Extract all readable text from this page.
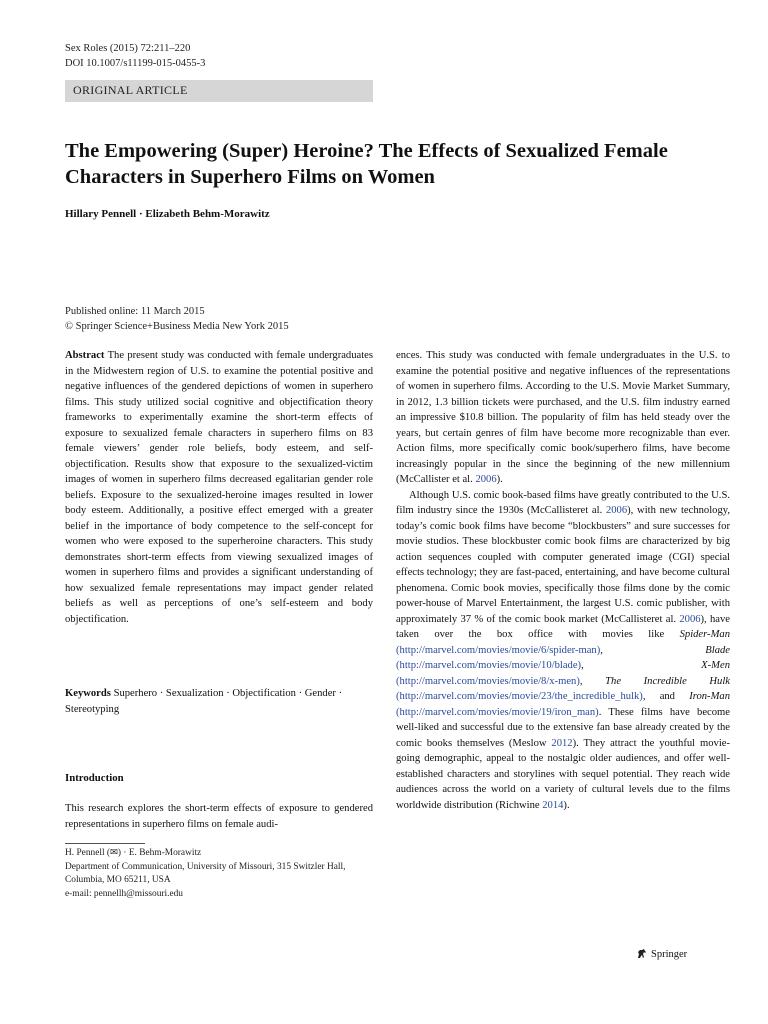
Sex Roles (2015) 72:211–220
DOI 10.1007/s11199-015-0455-3
ORIGINAL ARTICLE
The Empowering (Super) Heroine? The Effects of Sexualized Female Characters in Superhero Films on Women
Hillary Pennell · Elizabeth Behm-Morawitz
Published online: 11 March 2015
© Springer Science+Business Media New York 2015

Abstract The present study was conducted with female undergraduates in the Midwestern region of U.S. to examine the potential positive and negative influences of the gendered depictions of women in superhero films. This study utilized social cognitive and objectification theory frameworks to experimentally examine the short-term effects of exposure to sexualized female characters in superhero films on 83 female viewers’ gender role beliefs, body esteem, and self-objectification. Results show that exposure to the sexualized-victim images of women in superhero films decreased egalitarian gender role beliefs. Exposure to the sexualized-heroine images resulted in lower body esteem. Additionally, a positive effect emerged with a greater belief in the importance of body competence to the self-concept for women who were exposed to the superheroine characters. This study demonstrates short-term effects from viewing sexualized images of women in superhero films and provides a significant understanding of how sexualized female representations may impact gender related beliefs as well as perceptions of one’s self-esteem and body objectification.

Keywords Superhero · Sexualization · Objectification · Gender · Stereotyping
Introduction
This research explores the short-term effects of exposure to gendered representations in superhero films on female audi-
H. Pennell (✉) · E. Behm-Morawitz
Department of Communication, University of Missouri, 315 Switzler Hall, Columbia, MO 65211, USA
e-mail: pennellh@missouri.edu

ences. This study was conducted with female undergraduates in the U.S. to examine the potential positive and negative influences of the representations of women in superhero films. According to the U.S. Movie Market Summary, in 2012, 1.3 billion tickets were purchased, and the U.S. film industry earned an impressive $10.8 billion. The popularity of film has held steady over the years, but certain genres of film have become more recognizable than ever. Action films, more specifically comic book/superhero films, have become increasingly popular in the since the beginning of the new millennium (McCallister et al. 2006).

Although U.S. comic book-based films have greatly contributed to the U.S. film industry since the 1930s (McCallisteret al. 2006), with new technology, today’s comic book films have become “blockbusters” and sure successes for movie studios. These blockbuster comic book films are characterized by big action sequences coupled with computer generated image (CGI) special effects technology; they are fast-paced, entertaining, and have become cultural phenomena. Comic book movies, specifically those films done by the comic power-house of Marvel Entertainment, the largest U.S. comic publisher, with approximately 37 % of the comic book market (McCallisteret al. 2006), have taken over the box office with movies like Spider-Man (http://marvel.com/movies/movie/6/spider-man), Blade (http://marvel.com/movies/movie/10/blade), X-Men (http://marvel.com/movies/movie/8/x-men), The Incredible Hulk (http://marvel.com/movies/movie/23/the_incredible_hulk), and Iron-Man (http://marvel.com/movies/movie/19/iron_man). These films have become well-liked and successful due to the extensive fan base already created by the comic books themselves (Meslow 2012). They attract the youthful movie-going demographic, appeal to the nostalgic older audiences, and offer well-established characters and storylines with sequel potential. They reach wide audiences across the world on a variety of cultural levels due to the films worldwide distribution (Richwine 2014).

Springer
